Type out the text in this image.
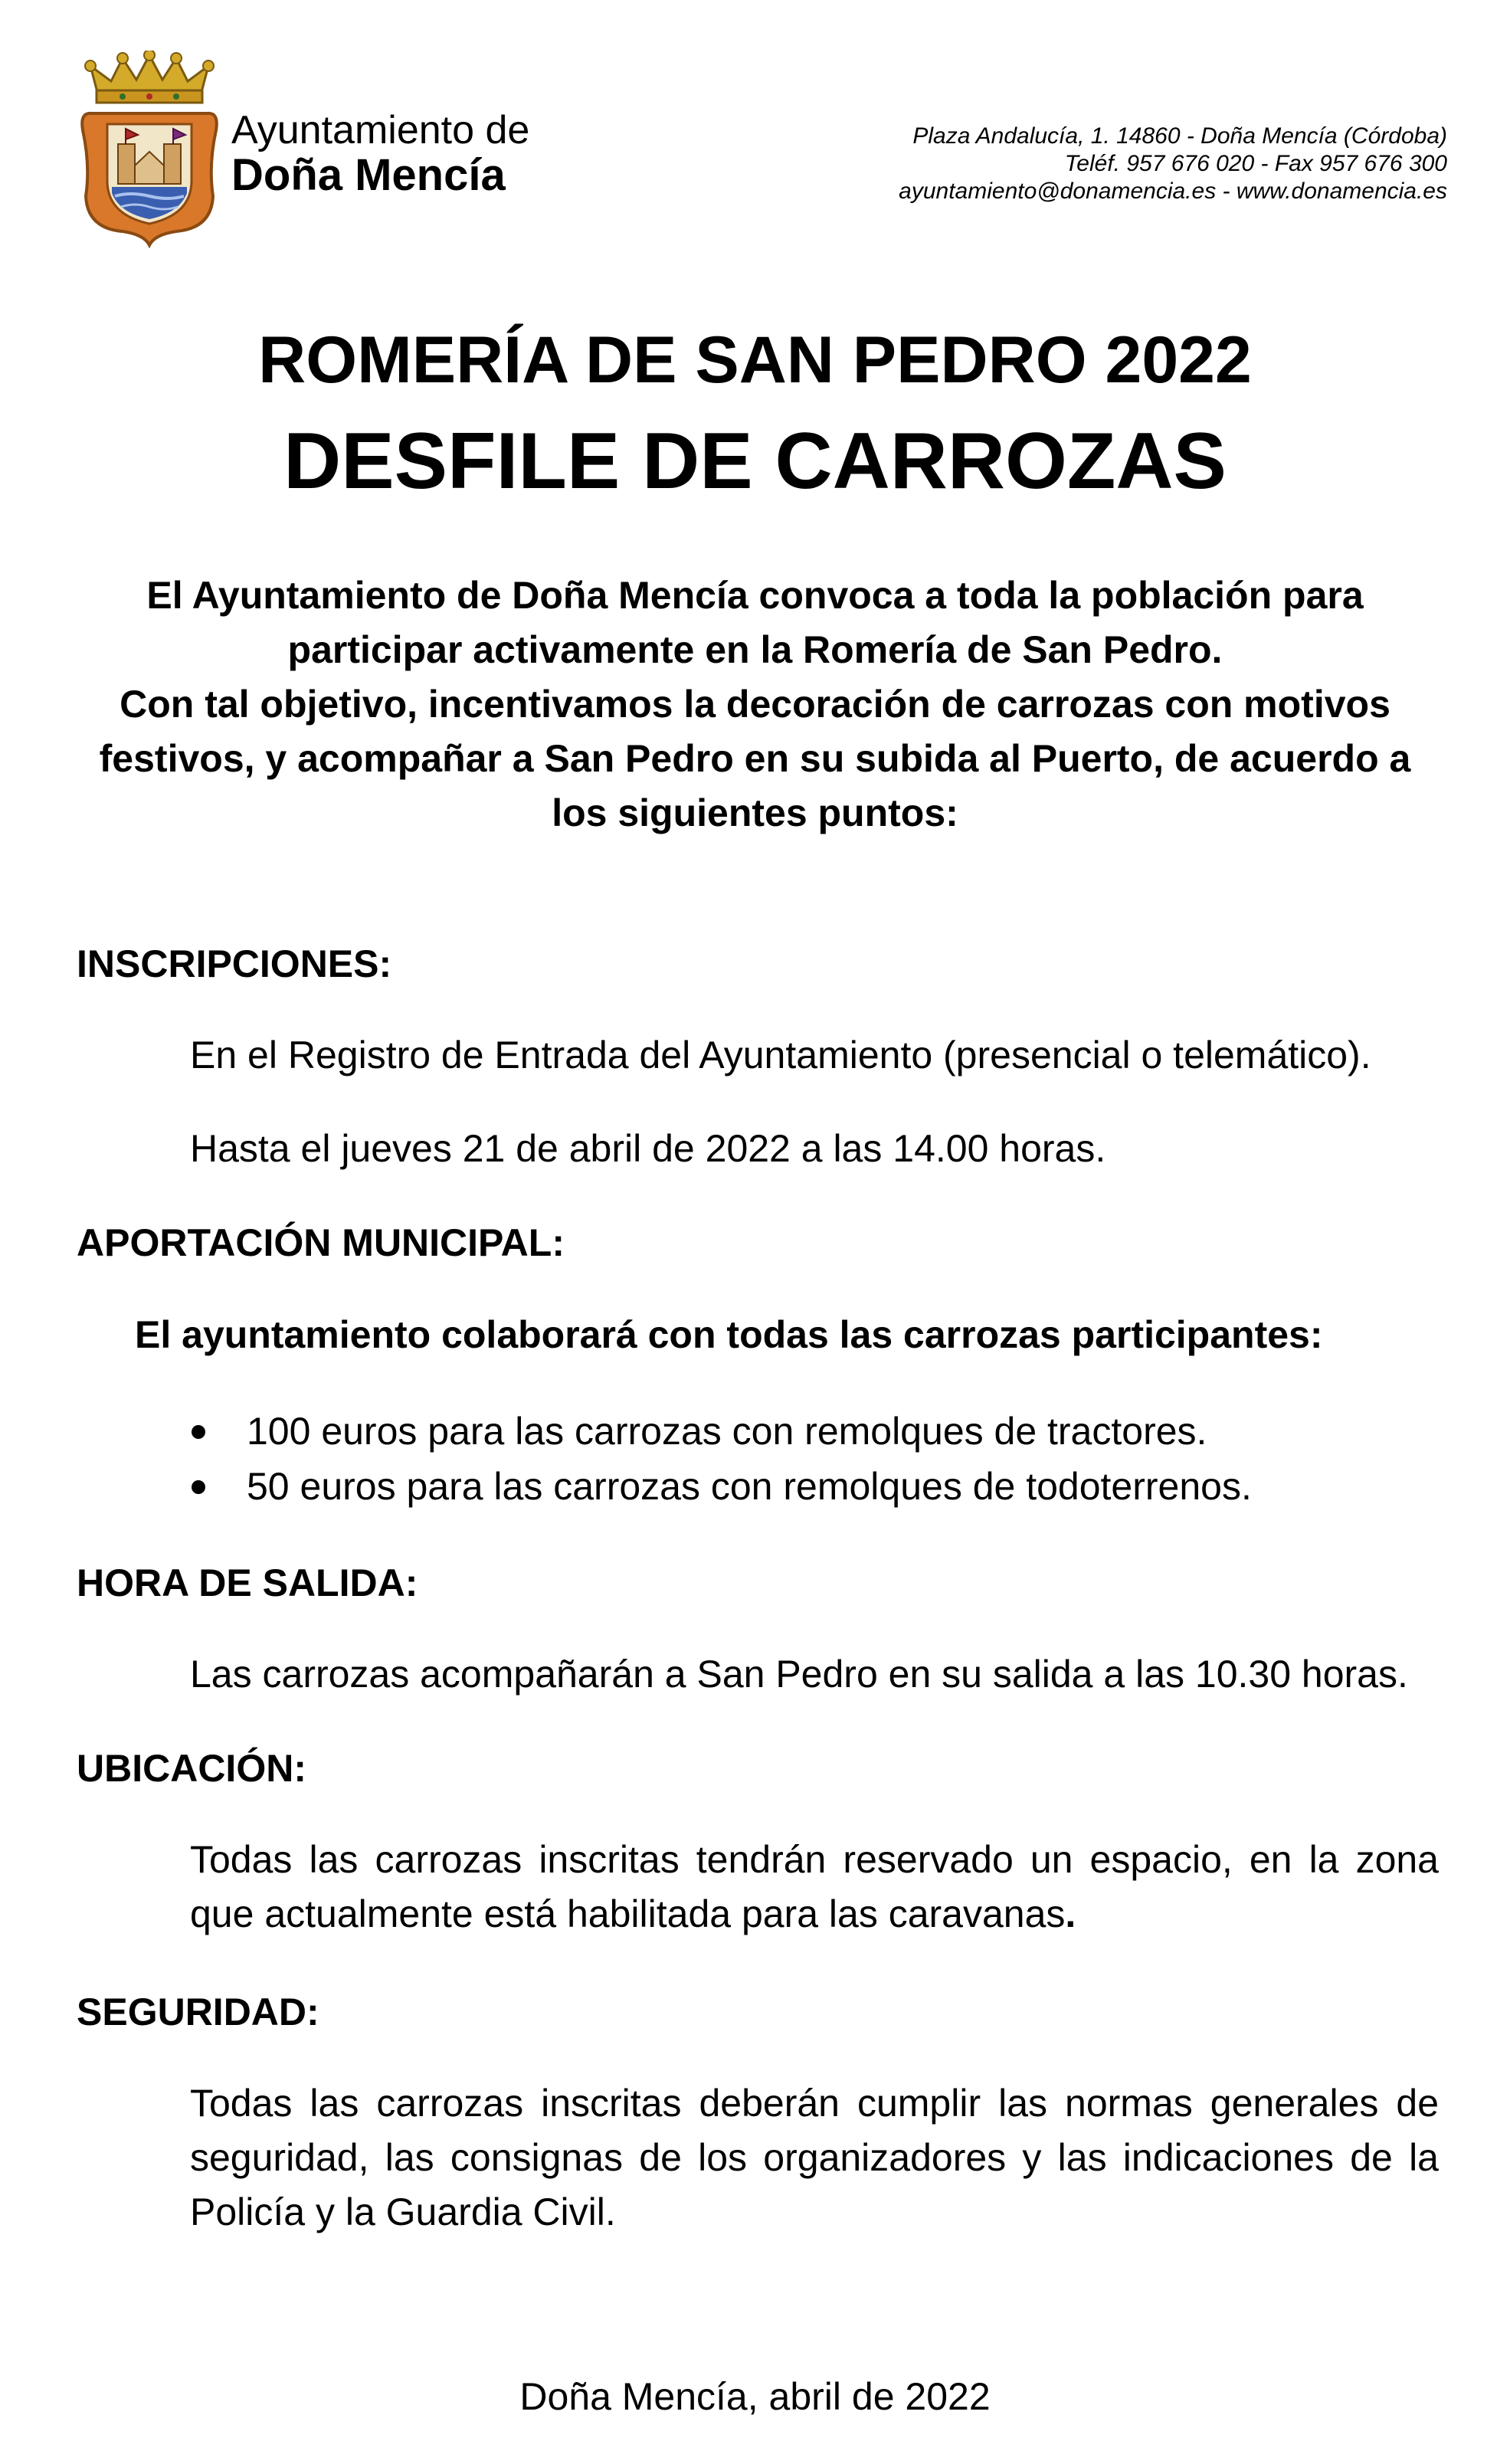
Ayuntamiento de
Doña Mencía
Plaza Andalucía, 1. 14860 - Doña Mencía (Córdoba)
Teléf. 957 676 020 - Fax 957 676 300
ayuntamiento@donamencia.es - www.donamencia.es
ROMERÍA DE SAN PEDRO 2022
DESFILE DE CARROZAS
El Ayuntamiento de Doña Mencía convoca a toda la población para
participar activamente en la Romería de San Pedro.
Con tal objetivo, incentivamos la decoración de carrozas con motivos
festivos, y acompañar a San Pedro en su subida al Puerto, de acuerdo a
los siguientes puntos:
INSCRIPCIONES:
En el Registro de Entrada del Ayuntamiento (presencial o telemático).
Hasta el jueves 21 de abril de 2022 a las 14.00 horas.
APORTACIÓN MUNICIPAL:
El ayuntamiento colaborará con todas las carrozas participantes:
100 euros para las carrozas con remolques de tractores.
50 euros para las carrozas con remolques de todoterrenos.
HORA DE SALIDA:
Las carrozas acompañarán a San Pedro en su salida a las 10.30 horas.
UBICACIÓN:
Todas las carrozas inscritas tendrán reservado un espacio, en la zona que actualmente está habilitada para las caravanas.
SEGURIDAD:
Todas las carrozas inscritas deberán cumplir las normas generales de seguridad, las consignas de los organizadores y las indicaciones de la Policía y la Guardia Civil.
Doña Mencía, abril de 2022
